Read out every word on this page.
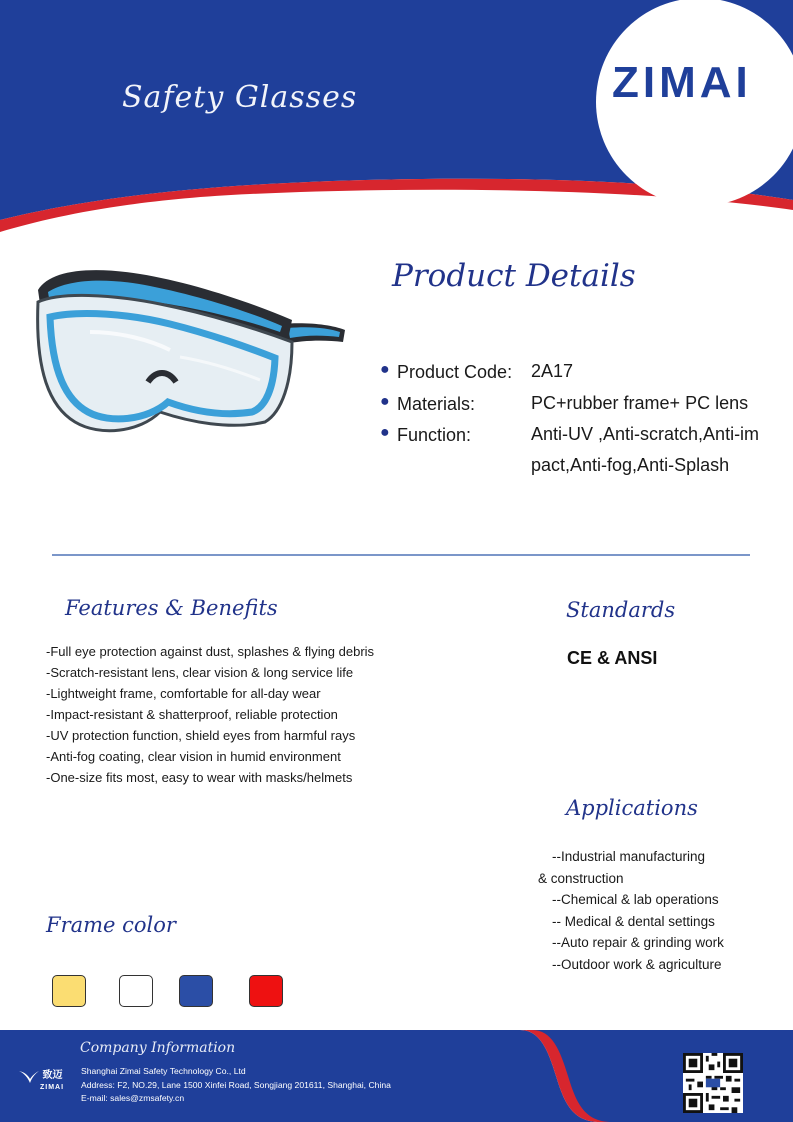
Safety Glasses	ZIMAI
Product Details
● Product Code: 2A17
● Materials:	PC+rubber frame+ PC lens
● Function:	Anti-UV ,Anti-scratch,Anti-impact,Anti-fog,Anti-Splash
Features & Benefits
-Full eye protection against dust, splashes & flying debris
-Scratch-resistant lens, clear vision & long service life
-Lightweight frame, comfortable for all-day wear
-Impact-resistant & shatterproof, reliable protection
-UV protection function, shield eyes from harmful rays
-Anti-fog coating, clear vision in humid environment
-One-size fits most, easy to wear with masks/helmets
Standards
CE & ANSI
Applications
--Industrial manufacturing
& construction
--Chemical & lab operations
-- Medical & dental settings
--Auto repair & grinding work
--Outdoor work & agriculture
Frame color
Company Information
致迈
ZIMAI
Shanghai Zimai Safety Technology Co., Ltd
Address: F2, NO.29, Lane 1500 Xinfei Road, Songjiang 201611, Shanghai, China
E-mail: sales@zmsafety.cn
